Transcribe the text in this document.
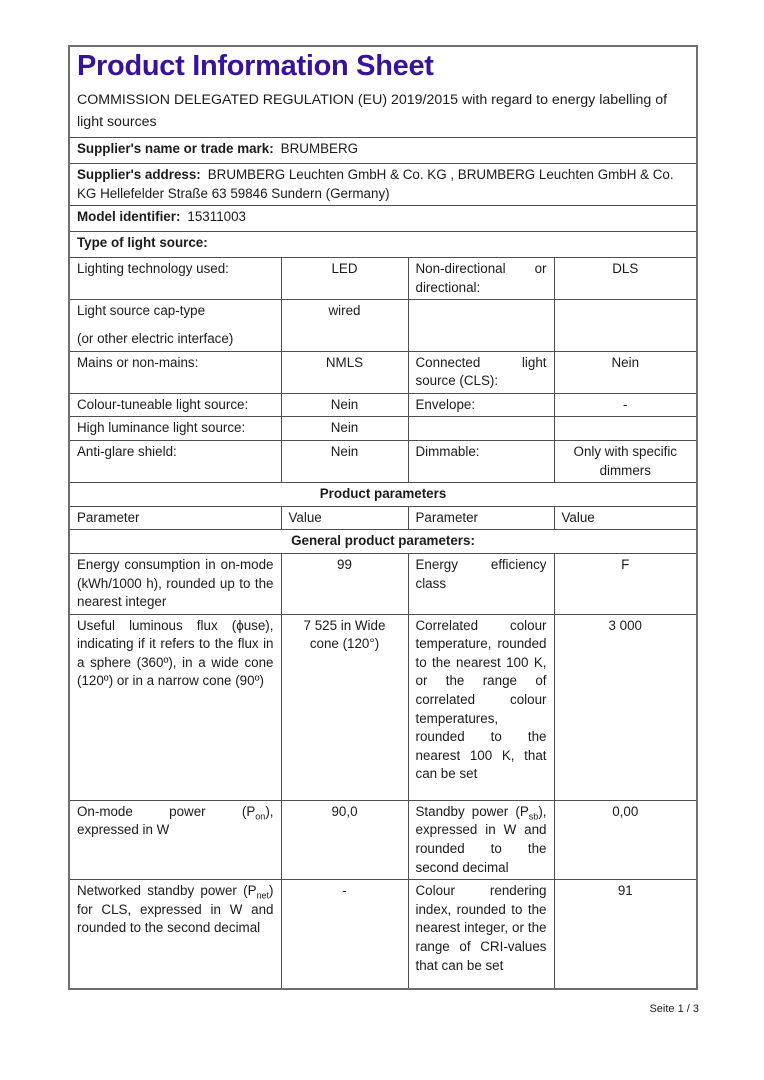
Product Information Sheet

COMMISSION DELEGATED REGULATION (EU) 2019/2015 with regard to energy labelling of light sources

Supplier's name or trade mark: BRUMBERG			
Supplier's address: BRUMBERG Leuchten GmbH & Co. KG , BRUMBERG Leuchten GmbH & Co. KG Hellefelder Straße 63 59846 Sundern (Germany)			
Model identifier: 15311003			
Type of light source:			
Lighting technology used:	LED	Non-directional or directional:	DLS

Light source cap-type
(or other electric interface)	wired		
Mains or non-mains:	NMLS	Connected light source (CLS):	Nein
Colour-tuneable light source:	Nein	Envelope:	-
High luminance light source:	Nein		
Anti-glare shield:	Nein	Dimmable:	Only with specific dimmers
Product parameters			
Parameter	Value	Parameter	Value
General product parameters:			
Energy consumption in on-mode (kWh/1000 h), rounded up to the nearest integer	99	Energy efficiency class	F
Useful luminous flux (ϕuse), indicating if it refers to the flux in a sphere (360º), in a wide cone (120º) or in a narrow cone (90º)	7 525 in Wide cone (120°)	Correlated colour temperature, rounded to the nearest 100 K, or the range of correlated colour temperatures, rounded to the nearest 100 K, that can be set	3 000
On-mode power $(P_{on})$, expressed in W	90,0	Standby power $(P_{sb})$, expressed in W and rounded to the second decimal	0,00
Networked standby power $(P_{net})$ for CLS, expressed in W and rounded to the second decimal	-	Colour rendering index, rounded to the nearest integer, or the range of CRI-values that can be set	91
Seite 1 / 3
